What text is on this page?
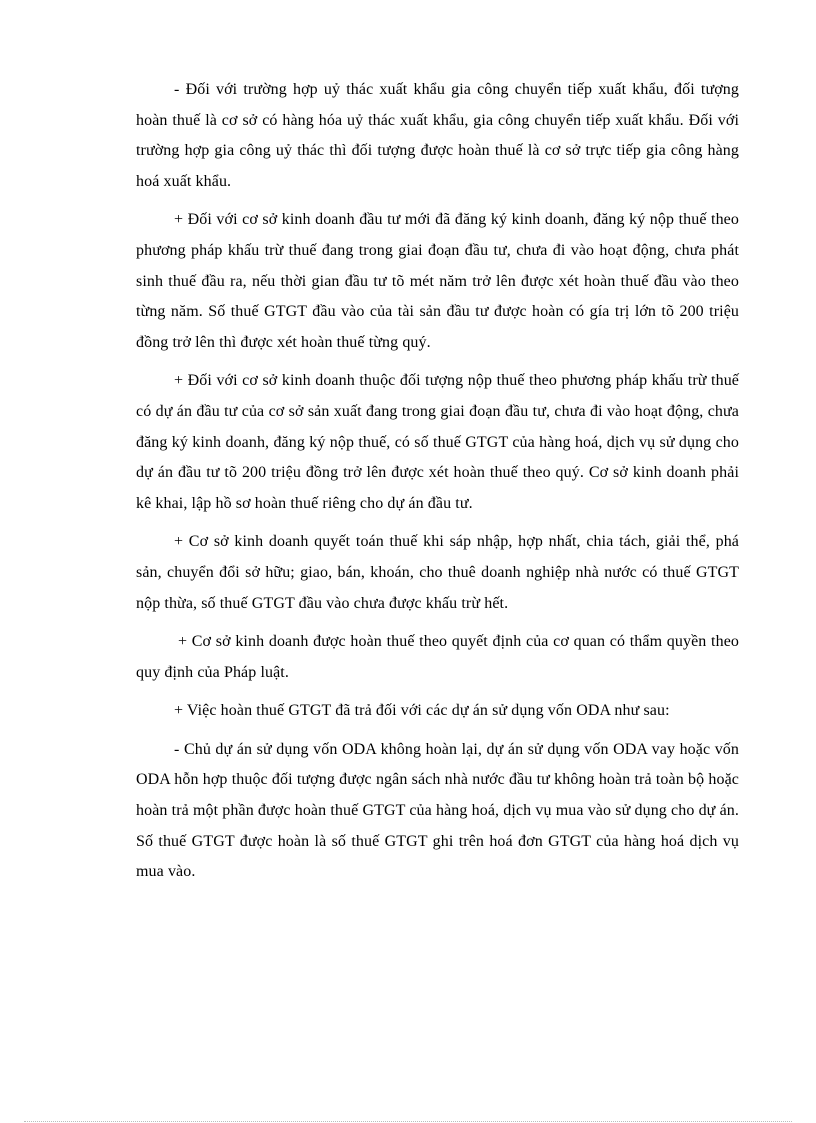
- Đối với trường hợp uỷ thác xuất khẩu gia công chuyển tiếp xuất khẩu, đối tượng hoàn thuế là cơ sở có hàng hóa uỷ thác xuất khẩu, gia công chuyển tiếp xuất khẩu. Đối với trường hợp gia công uỷ thác thì đối tượng được hoàn thuế là cơ sở trực tiếp gia công hàng hoá xuất khẩu.

+ Đối với cơ sở kinh doanh đầu tư mới đã đăng ký kinh doanh, đăng ký nộp thuế theo phương pháp khấu trừ thuế đang trong giai đoạn đầu tư, chưa đi vào hoạt động, chưa phát sinh thuế đầu ra, nếu thời gian đầu tư tõ mét năm trở lên được xét hoàn thuế đầu vào theo từng năm. Số thuế GTGT đầu vào của tài sản đầu tư được hoàn có gía trị lớn tõ 200 triệu đồng trở lên thì được xét hoàn thuế từng quý.

+ Đối với cơ sở kinh doanh thuộc đối tượng nộp thuế theo phương pháp khấu trừ thuế có dự án đầu tư của cơ sở sản xuất đang trong giai đoạn đầu tư, chưa đi vào hoạt động, chưa đăng ký kinh doanh, đăng ký nộp thuế, có số thuế GTGT của hàng hoá, dịch vụ sử dụng cho dự án đầu tư tõ 200 triệu đồng trở lên được xét hoàn thuế theo quý. Cơ sở kinh doanh phải kê khai, lập hồ sơ hoàn thuế riêng cho dự án đầu tư.

+ Cơ sở kinh doanh quyết toán thuế khi sáp nhập, hợp nhất, chia tách, giải thể, phá sản, chuyển đổi sở hữu; giao, bán, khoán, cho thuê doanh nghiệp nhà nước có thuế GTGT nộp thừa, số thuế GTGT đầu vào chưa được khấu trừ hết.

+ Cơ sở kinh doanh được hoàn thuế theo quyết định của cơ quan có thẩm quyền theo quy định của Pháp luật.

+ Việc hoàn thuế GTGT đã trả đối với các dự án sử dụng vốn ODA như sau:

- Chủ dự án sử dụng vốn ODA không hoàn lại, dự án sử dụng vốn ODA vay hoặc vốn ODA hỗn hợp thuộc đối tượng được ngân sách nhà nước đầu tư không hoàn trả toàn bộ hoặc hoàn trả một phần được hoàn thuế GTGT của hàng hoá, dịch vụ mua vào sử dụng cho dự án. Số thuế GTGT được hoàn là số thuế GTGT ghi trên hoá đơn GTGT của hàng hoá dịch vụ mua vào.
